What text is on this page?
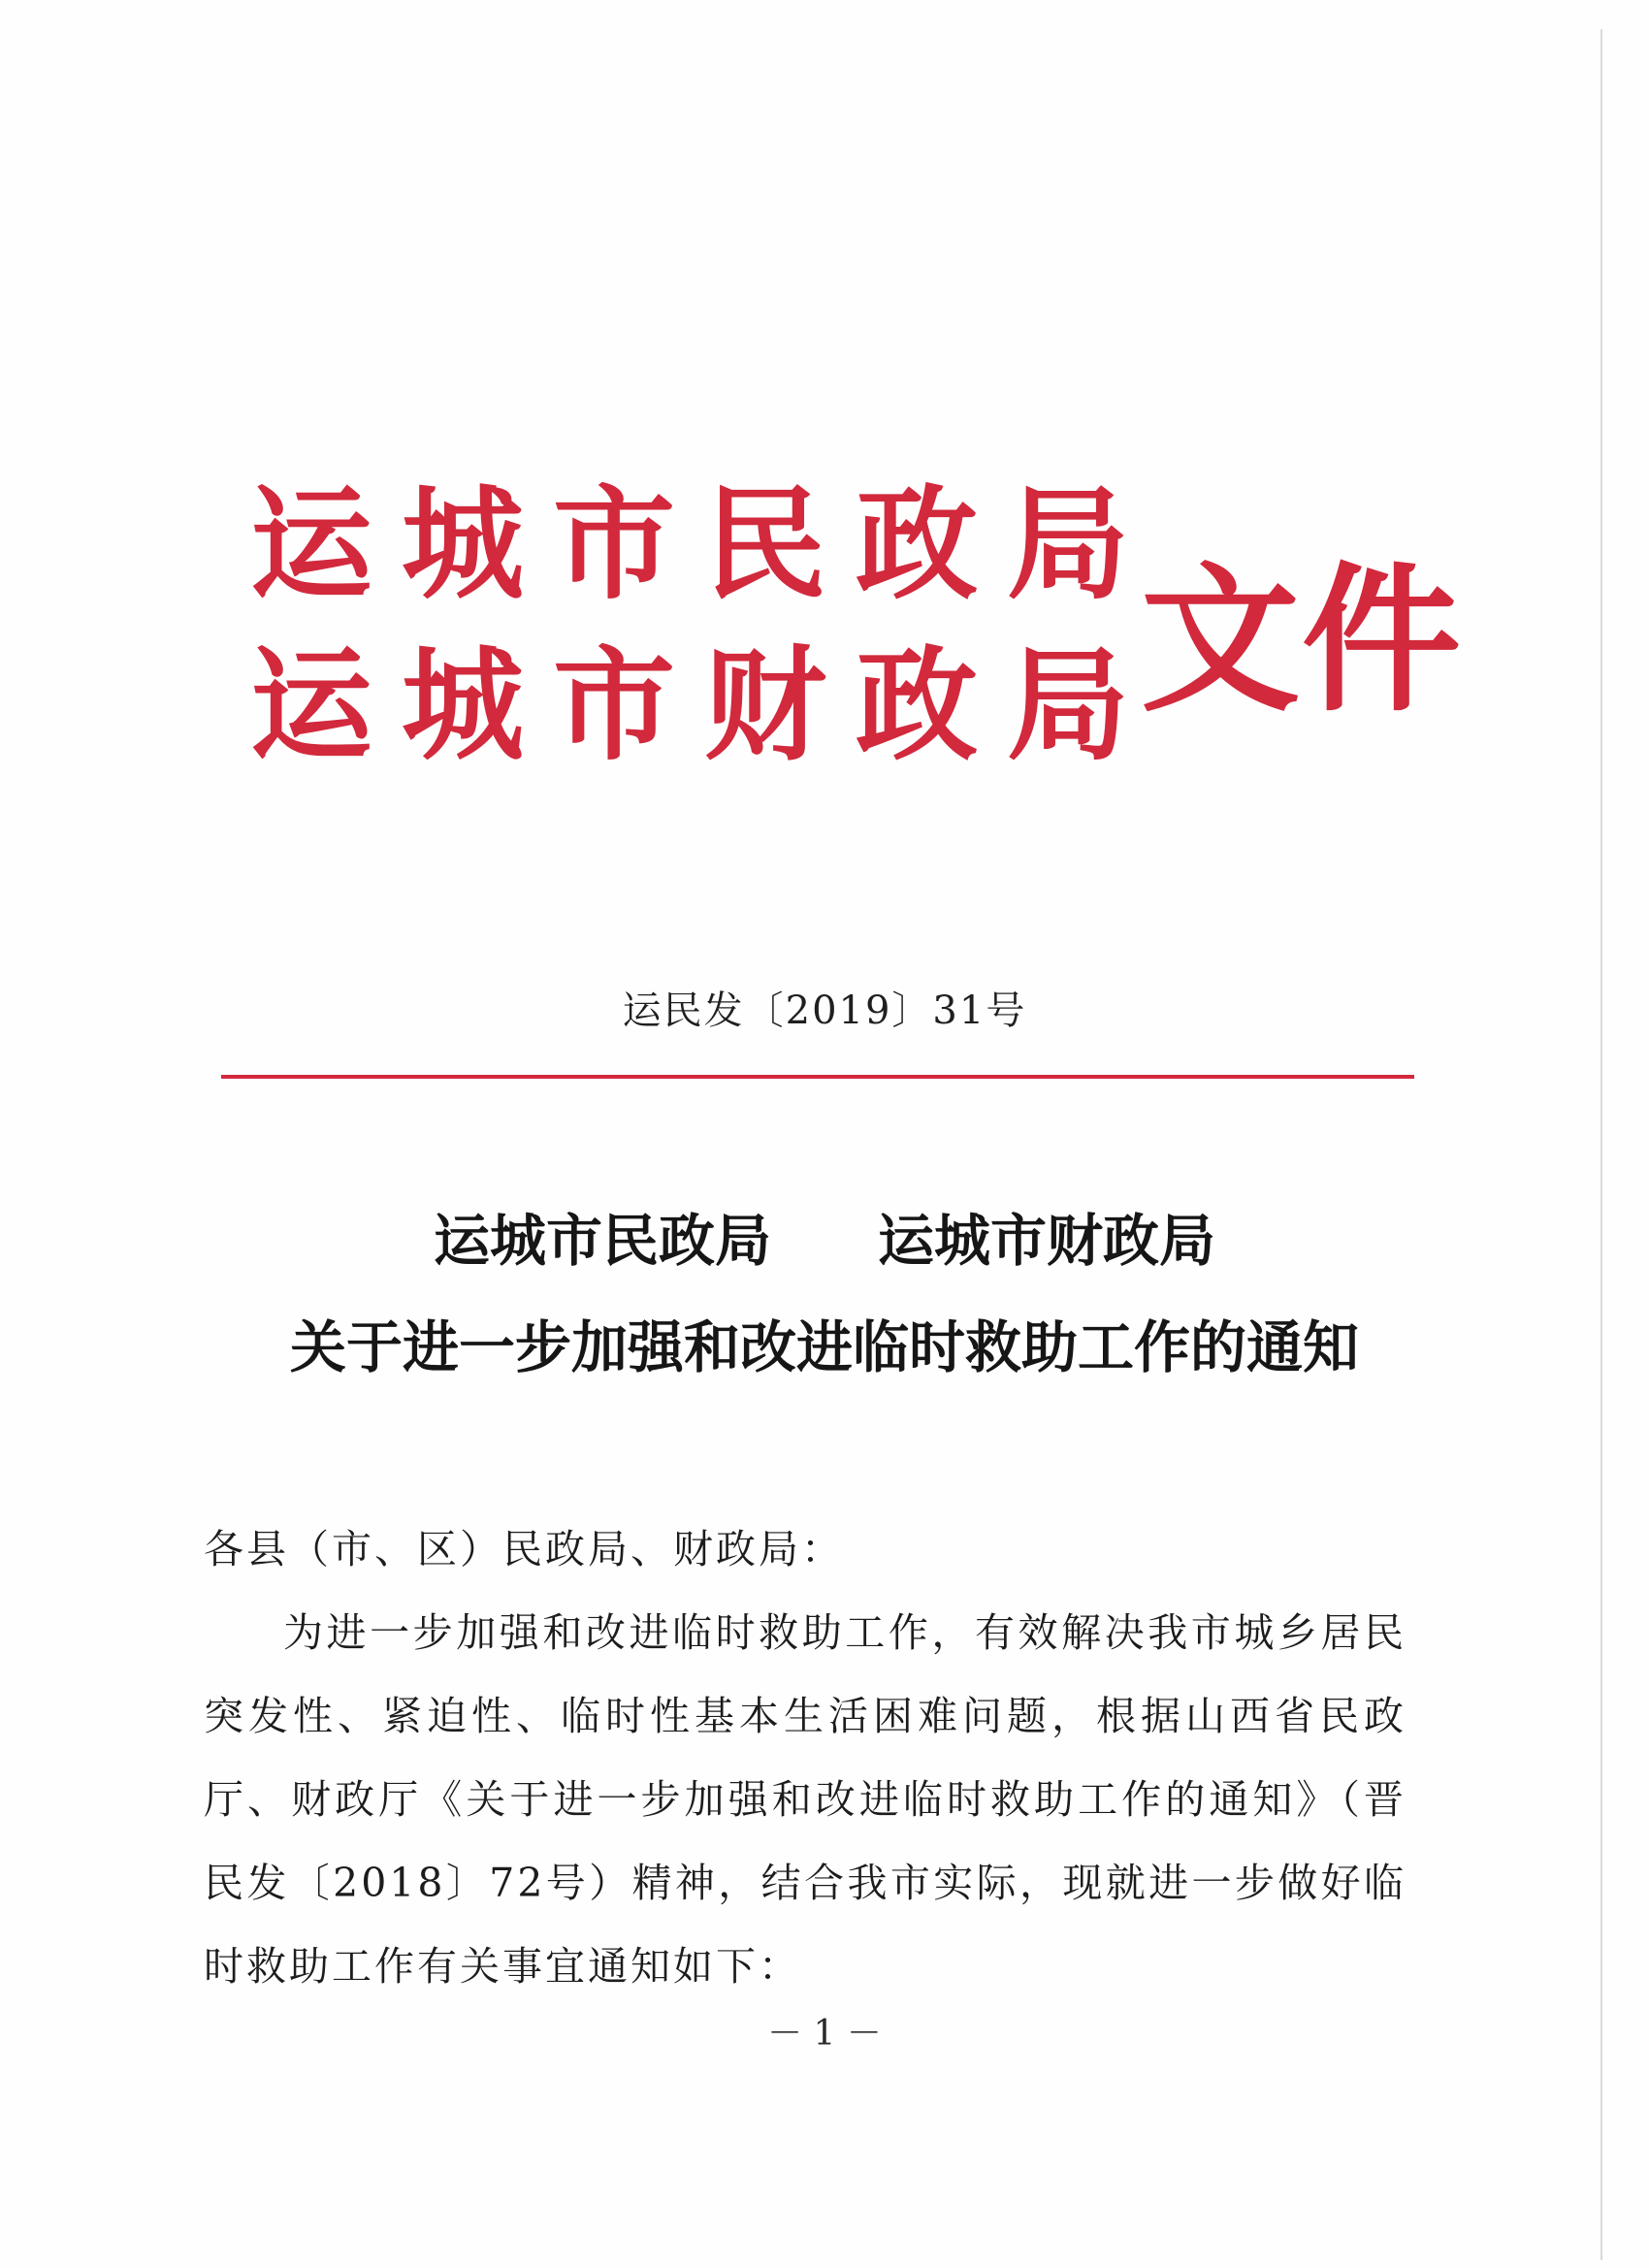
运城市民政局
运城市财政局
文件
运民发〔2019〕31号
运城市民政局 运城市财政局
关于进一步加强和改进临时救助工作的通知
各县（市、区）民政局、财政局：
为进一步加强和改进临时救助工作，有效解决我市城乡居民突发性、紧迫性、临时性基本生活困难问题，根据山西省民政厅、财政厅《关于进一步加强和改进临时救助工作的通知》（晋民发〔2018〕72号）精神，结合我市实际，现就进一步做好临时救助工作有关事宜通知如下：
－ 1 －
